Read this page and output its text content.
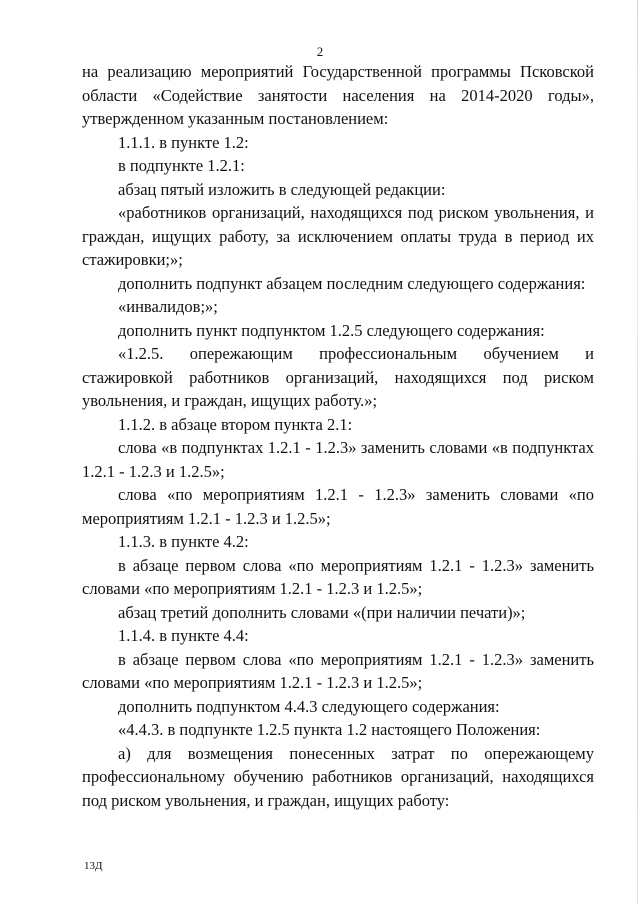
2

на реализацию мероприятий Государственной программы Псковской области «Содействие занятости населения на 2014-2020 годы», утвержденном указанным постановлением:

1.1.1. в пункте 1.2:

в подпункте 1.2.1:

абзац пятый изложить в следующей редакции:

«работников организаций, находящихся под риском увольнения, и граждан, ищущих работу, за исключением оплаты труда в период их стажировки;»;

дополнить подпункт абзацем последним следующего содержания:

«инвалидов;»;

дополнить пункт подпунктом 1.2.5 следующего содержания:

«1.2.5. опережающим профессиональным обучением и стажировкой работников организаций, находящихся под риском увольнения, и граждан, ищущих работу.»;

1.1.2. в абзаце втором пункта 2.1:

слова «в подпунктах 1.2.1 - 1.2.3» заменить словами «в подпунктах 1.2.1 - 1.2.3 и 1.2.5»;

слова «по мероприятиям 1.2.1 - 1.2.3» заменить словами «по мероприятиям 1.2.1 - 1.2.3 и 1.2.5»;

1.1.3. в пункте 4.2:

в абзаце первом слова «по мероприятиям 1.2.1 - 1.2.3» заменить словами «по мероприятиям 1.2.1 - 1.2.3 и 1.2.5»;

абзац третий дополнить словами «(при наличии печати)»;

1.1.4. в пункте 4.4:

в абзаце первом слова «по мероприятиям 1.2.1 - 1.2.3» заменить словами «по мероприятиям 1.2.1 - 1.2.3 и 1.2.5»;

дополнить подпунктом 4.4.3 следующего содержания:

«4.4.3. в подпункте 1.2.5 пункта 1.2 настоящего Положения:

а) для возмещения понесенных затрат по опережающему профессиональному обучению работников организаций, находящихся под риском увольнения, и граждан, ищущих работу:

13Д
